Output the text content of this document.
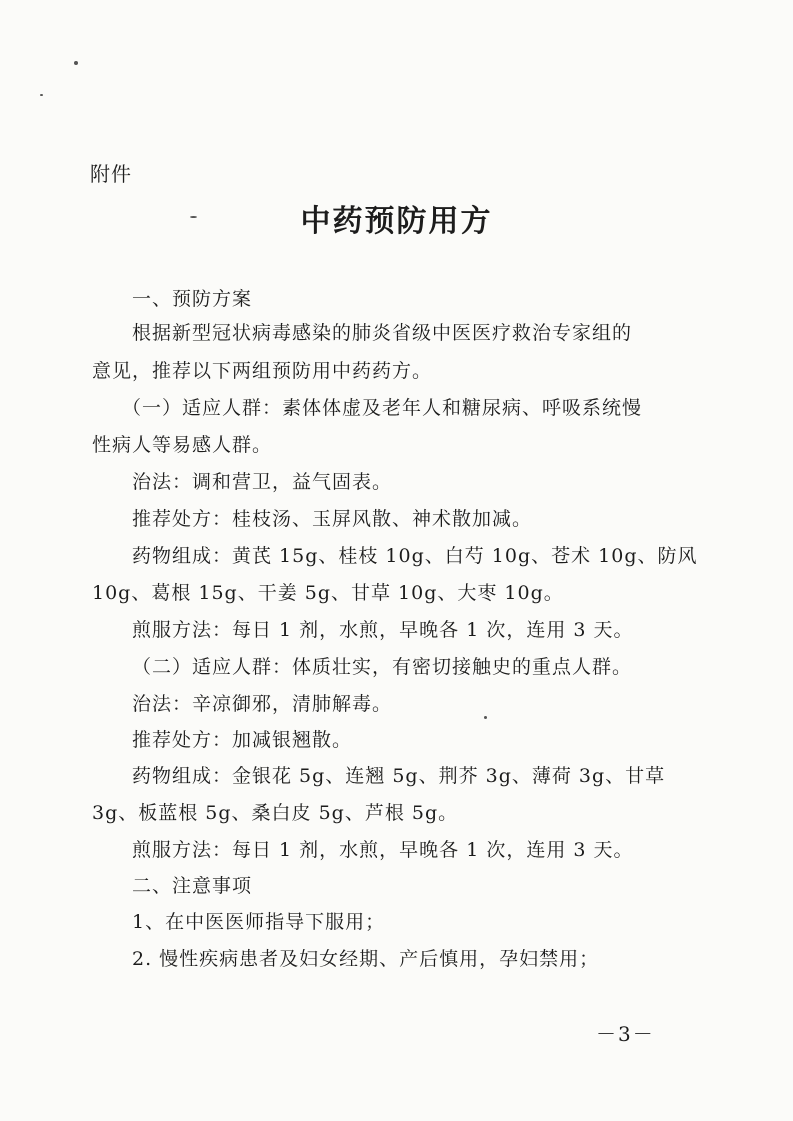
附件
中药预防用方
一、预防方案
根据新型冠状病毒感染的肺炎省级中医医疗救治专家组的
意见，推荐以下两组预防用中药药方。
（一）适应人群：素体体虚及老年人和糖尿病、呼吸系统慢
性病人等易感人群。
治法：调和营卫，益气固表。
推荐处方：桂枝汤、玉屏风散、神术散加减。
药物组成：黄芪 15g、桂枝 10g、白芍 10g、苍术 10g、防风
10g、葛根 15g、干姜 5g、甘草 10g、大枣 10g。
煎服方法：每日 1 剂，水煎，早晚各 1 次，连用 3 天。
（二）适应人群：体质壮实，有密切接触史的重点人群。
治法：辛凉御邪，清肺解毒。
推荐处方：加减银翘散。
药物组成：金银花 5g、连翘 5g、荆芥 3g、薄荷 3g、甘草
3g、板蓝根 5g、桑白皮 5g、芦根 5g。
煎服方法：每日 1 剂，水煎，早晚各 1 次，连用 3 天。
二、注意事项
1、在中医医师指导下服用；
2. 慢性疾病患者及妇女经期、产后慎用，孕妇禁用；
－3－
